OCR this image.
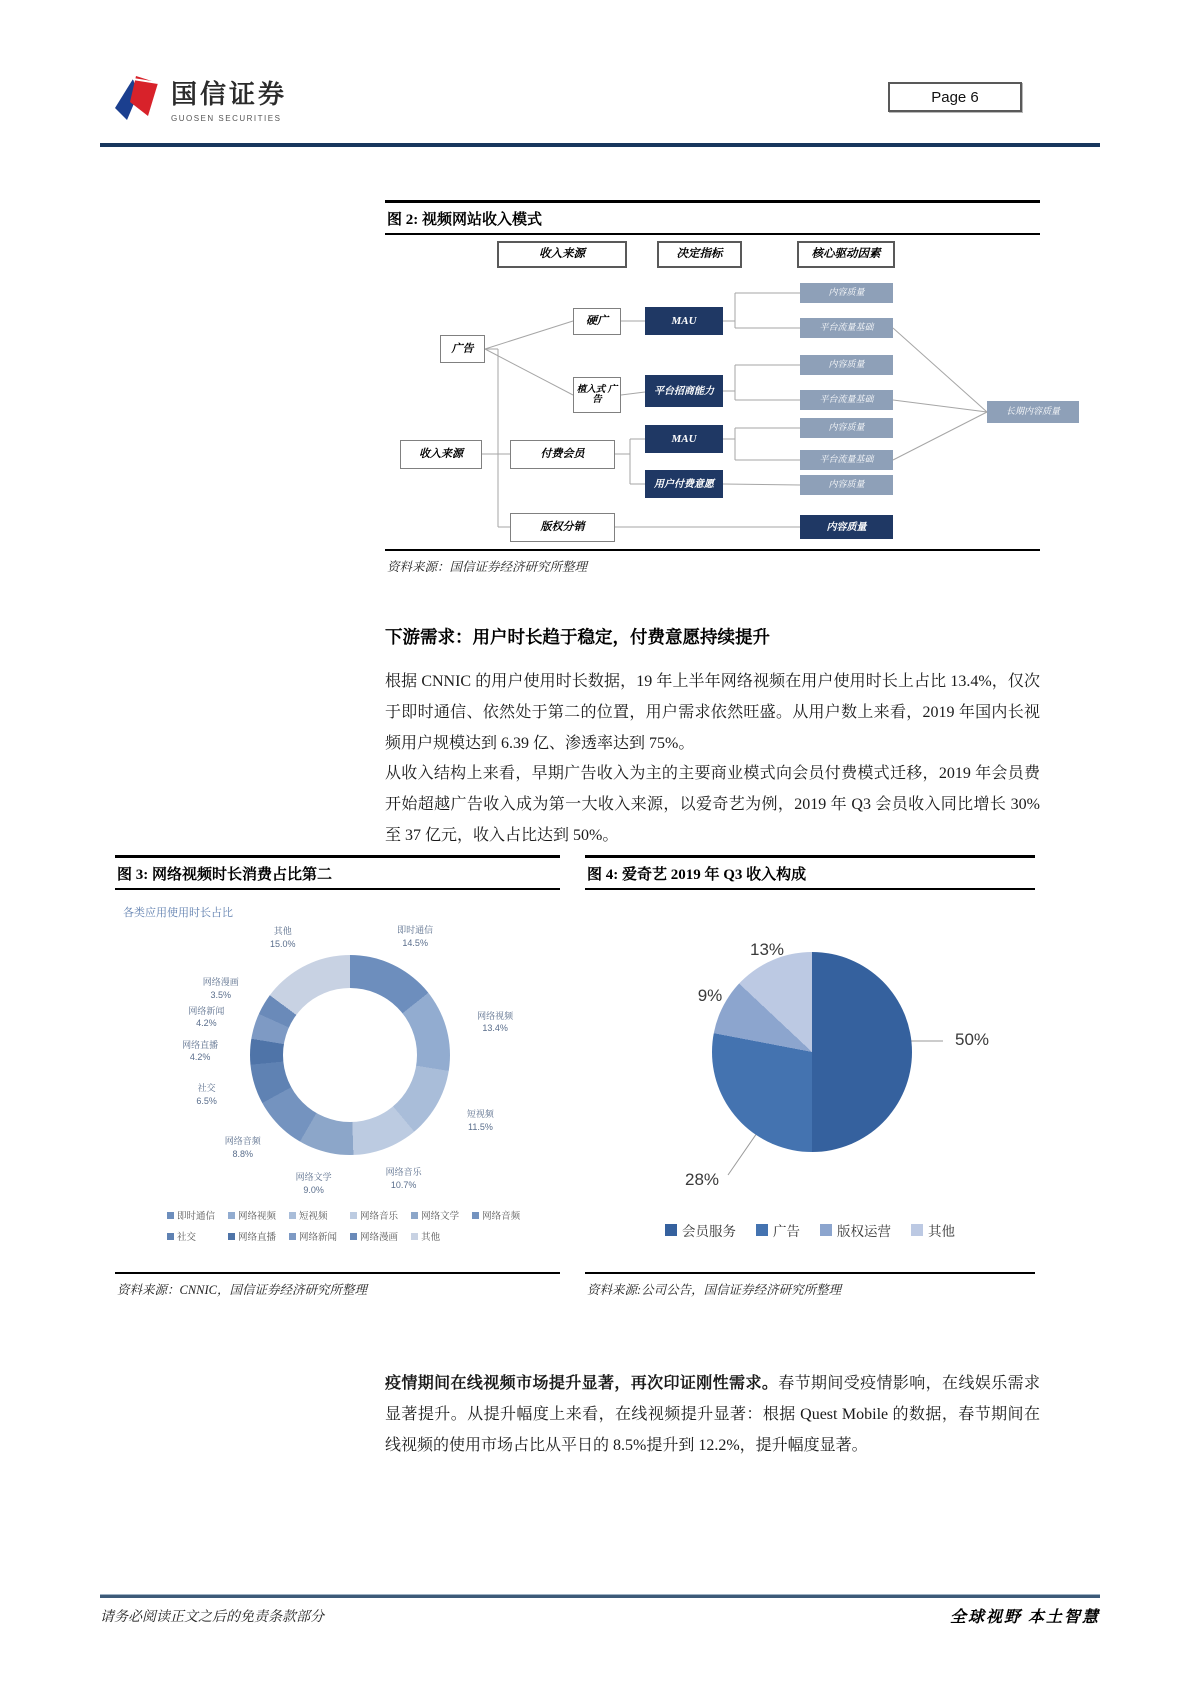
国信证券
GUOSEN SECURITIES
Page 6
图 2: 视频网站收入模式
收入来源	决定指标	核心驱动因素
收入来源
广告
硬广
植入式 广告
付费会员
版权分销
MAU
平台招商能力
MAU
用户付费意愿
内容质量
平台流量基础
内容质量
平台流量基础
内容质量
平台流量基础
内容质量
内容质量
长期内容质量
资料来源：国信证券经济研究所整理
下游需求：用户时长趋于稳定，付费意愿持续提升
根据 CNNIC 的用户使用时长数据，19 年上半年网络视频在用户使用时长上占比 13.4%，仅次于即时通信、依然处于第二的位置，用户需求依然旺盛。从用户数上来看，2019 年国内长视频用户规模达到 6.39 亿、渗透率达到 75%。
从收入结构上来看，早期广告收入为主的主要商业模式向会员付费模式迁移，2019 年会员费开始超越广告收入成为第一大收入来源，以爱奇艺为例，2019 年 Q3 会员收入同比增长 30%至 37 亿元，收入占比达到 50%。
图 3: 网络视频时长消费占比第二
各类应用使用时长占比
即时通信
14.5%
网络视频
13.4%
短视频
11.5%
网络音乐
10.7%
网络文学
9.0%
网络音频
8.8%
社交
6.5%
网络直播
4.2%
网络新闻
4.2%
网络漫画
3.5%
其他
15.0%
即时通信 网络视频 短视频	网络音乐 网络文学 网络音频
社交	网络直播 网络新闻 网络漫画 其他
资料来源：CNNIC，国信证券经济研究所整理
图 4: 爱奇艺 2019 年 Q3 收入构成
13%
9%
50%
28%
会员服务	广告	版权运营	其他
资料来源:公司公告，国信证券经济研究所整理
疫情期间在线视频市场提升显著，再次印证刚性需求。春节期间受疫情影响，在线娱乐需求显著提升。从提升幅度上来看，在线视频提升显著：根据 Quest Mobile 的数据，春节期间在线视频的使用市场占比从平日的 8.5%提升到 12.2%，提升幅度显著。
请务必阅读正文之后的免责条款部分	全球视野 本土智慧
